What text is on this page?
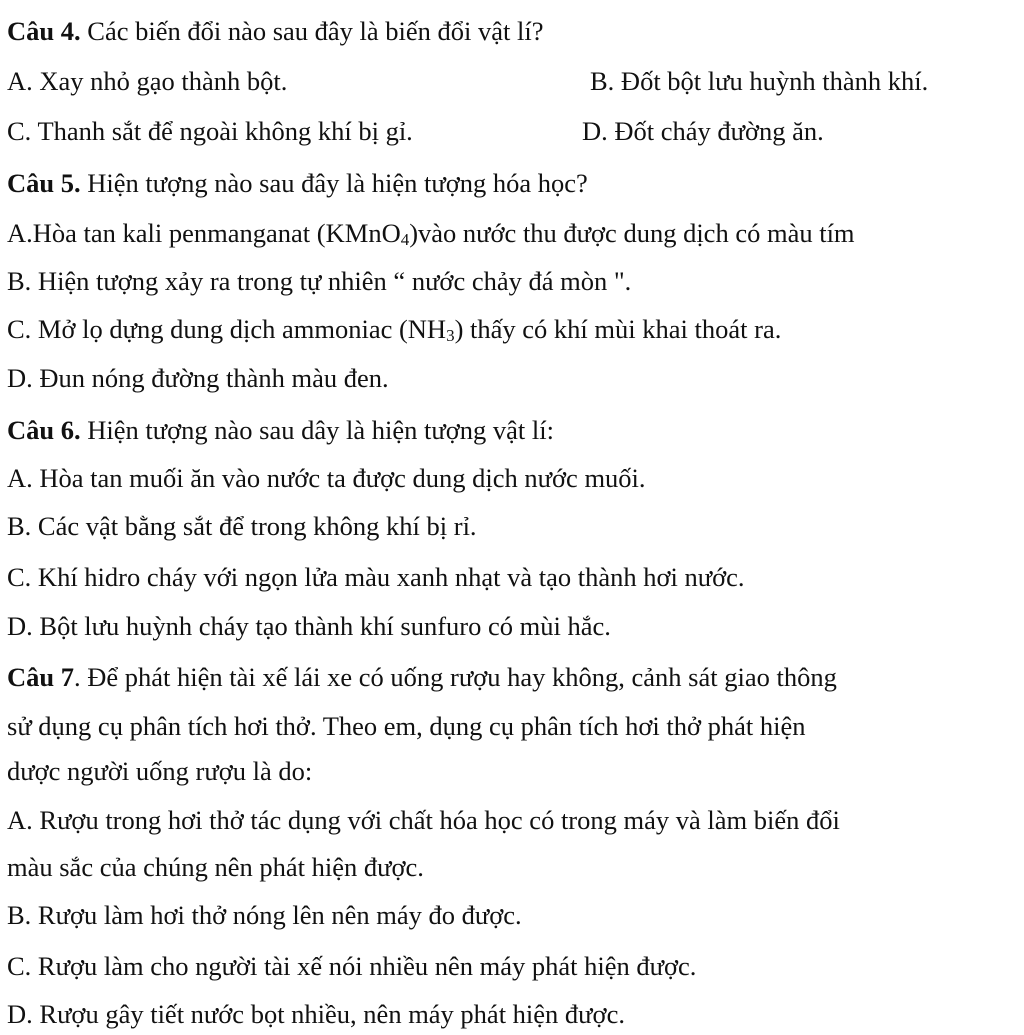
Câu 4. Các biến đổi nào sau đây là biến đổi vật lí?
A. Xay nhỏ gạo thành bột.	B. Đốt bột lưu huỳnh thành khí.
C. Thanh sắt để ngoài không khí bị gỉ.	D. Đốt cháy đường ăn.
Câu 5. Hiện tượng nào sau đây là hiện tượng hóa học?
A.Hòa tan kali penmanganat (KMnO$_4$)vào nước thu được dung dịch có màu tím
B. Hiện tượng xảy ra trong tự nhiên “ nước chảy đá mòn ".
C. Mở lọ dựng dung dịch ammoniac $(NH_3)$ thấy có khí mùi khai thoát ra.
D. Đun nóng đường thành màu đen.
Câu 6. Hiện tượng nào sau dây là hiện tượng vật lí:
A. Hòa tan muối ăn vào nước ta được dung dịch nước muối.
B. Các vật bằng sắt để trong không khí bị rỉ.
C. Khí hidro cháy với ngọn lửa màu xanh nhạt và tạo thành hơi nước.
D. Bột lưu huỳnh cháy tạo thành khí sunfuro có mùi hắc.
Câu 7. Để phát hiện tài xế lái xe có uống rượu hay không, cảnh sát giao thông
sử dụng cụ phân tích hơi thở. Theo em, dụng cụ phân tích hơi thở phát hiện
dược người uống rượu là do:
A. Rượu trong hơi thở tác dụng với chất hóa học có trong máy và làm biến đổi
màu sắc của chúng nên phát hiện được.
B. Rượu làm hơi thở nóng lên nên máy đo được.
C. Rượu làm cho người tài xế nói nhiều nên máy phát hiện được.
D. Rượu gây tiết nước bọt nhiều, nên máy phát hiện được.
